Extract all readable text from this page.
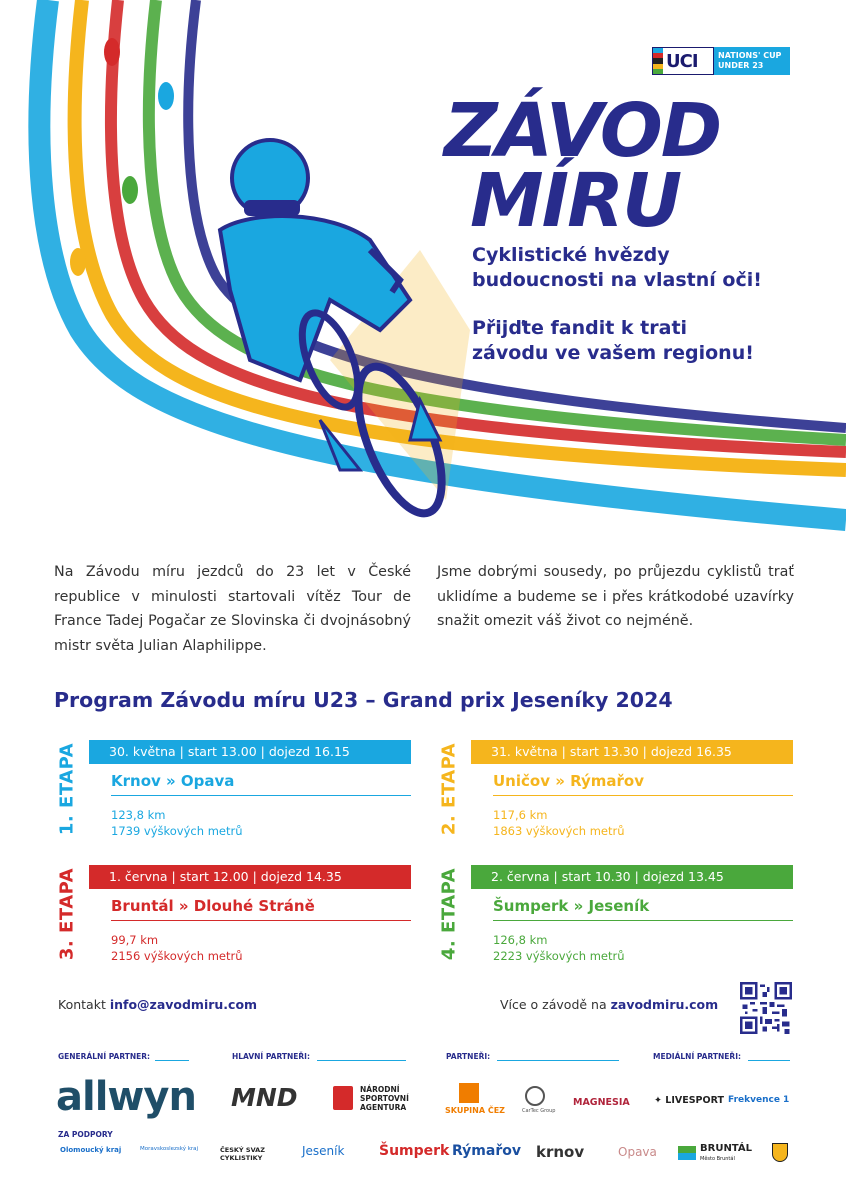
UCI	NATIONS' CUP
UNDER 23
ZÁVOD
MÍRU
Cyklistické hvězdy
budoucnosti na vlastní oči!
Přijďte fandit k trati
závodu ve vašem regionu!
Na Závodu míru jezdců do 23 let v České republice v minulosti startovali vítěz Tour de France Tadej Pogačar ze Slovinska či dvojnásobný mistr světa Julian Alaphilippe.
Jsme dobrými sousedy, po průjezdu cyklistů trať uklidíme a budeme se i přes krátkodobé uzavírky snažit omezit váš život co nejméně.
Program Závodu míru U23 – Grand prix Jeseníky 2024
1. ETAPA	30. května | start 13.00 | dojezd 16.15
Krnov » Opava
123,8 km
1739 výškových metrů	2. ETAPA	31. května | start 13.30 | dojezd 16.35
Uničov » Rýmařov
117,6 km
1863 výškových metrů
3. ETAPA	1. června | start 12.00 | dojezd 14.35
Bruntál » Dlouhé Stráně
99,7 km
2156 výškových metrů	4. ETAPA	2. června | start 10.30 | dojezd 13.45
Šumperk » Jeseník
126,8 km
2223 výškových metrů
Kontakt info@zavodmiru.com	Více o závodě na zavodmiru.com
GENERÁLNÍ PARTNER:	HLAVNÍ PARTNEŘI:	PARTNEŘI:	MEDIÁLNÍ PARTNEŘI:
allwyn MND	NÁRODNÍ
SPORTOVNÍ
AGENTURA	SKUPINA ČEZ	CarTec Group
MAGNESIA	✦ LIVESPORT Frekvence 1
ZA PODPORY
Olomoucký kraj	Moravskoslezský kraj	ČESKÝ SVAZ
CYKLISTIKY	Jeseník Šumperk Rýmařov krnov	Opava	BRUNTÁL
Město Bruntál
